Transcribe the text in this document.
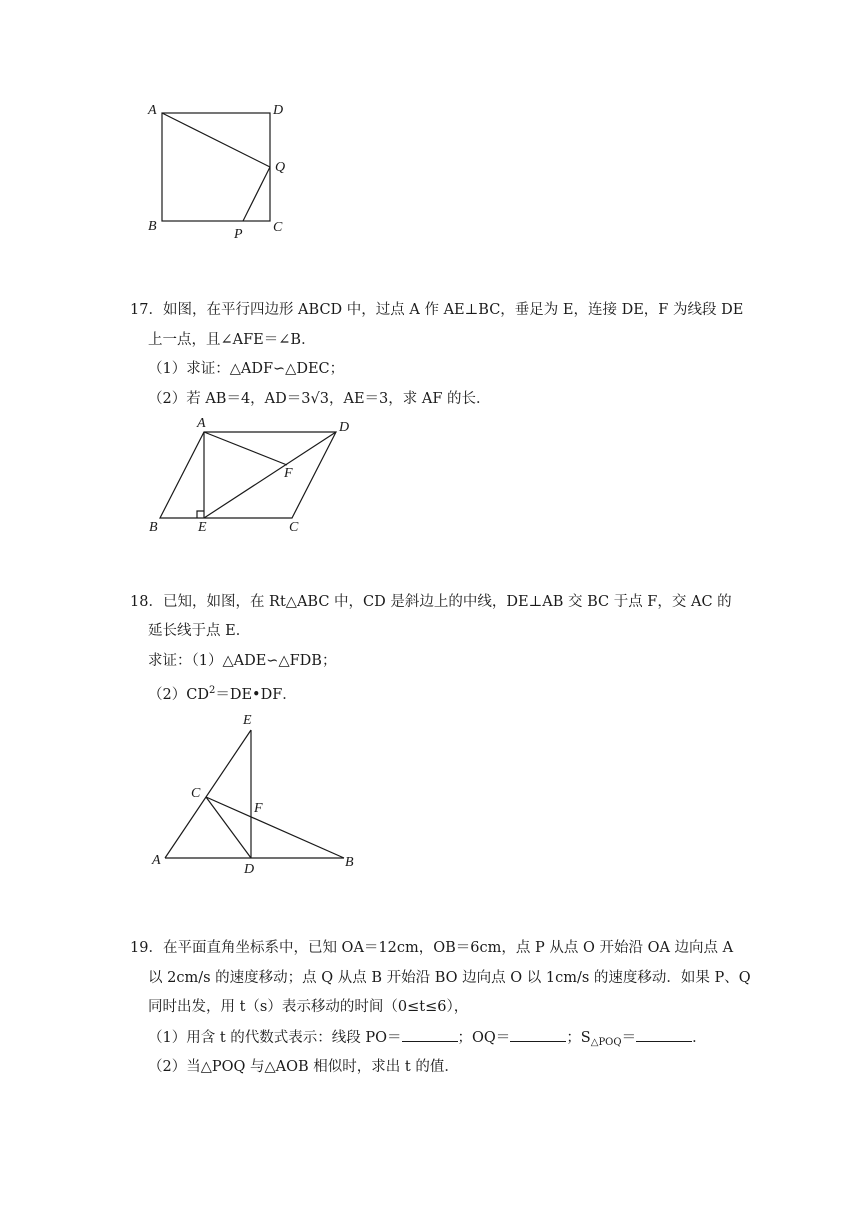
A	D
Q
B
P C
17．如图，在平行四边形 ABCD 中，过点 A 作 AE⊥BC，垂足为 E，连接 DE，F 为线段 DE
上一点，且∠AFE＝∠B．
（1）求证：△ADF∽△DEC；
（2）若 AB＝4，AD＝3√3，AE＝3，求 AF 的长．
A	D
F
B	E	C
18．已知，如图，在 Rt△ABC 中，CD 是斜边上的中线，DE⊥AB 交 BC 于点 F，交 AC 的
延长线于点 E．
求证：（1）△ADE∽△FDB；
$(2)CD^2=DE•DF$．
E
C
F
A
D	B
19．在平面直角坐标系中，已知 OA＝12cm，OB＝6cm，点 P 从点 O 开始沿 OA 边向点 A
以 2cm/s 的速度移动；点 Q 从点 B 开始沿 BO 边向点 O 以 1cm/s 的速度移动．如果 P、Q
同时出发，用 t（s）表示移动的时间（0≤t≤6），
（1）用含 t 的代数式表示：线段 PO＝	；OQ＝	；$S_{\triangle POQ}=$	．
（2）当△POQ 与△AOB 相似时，求出 t 的值．
